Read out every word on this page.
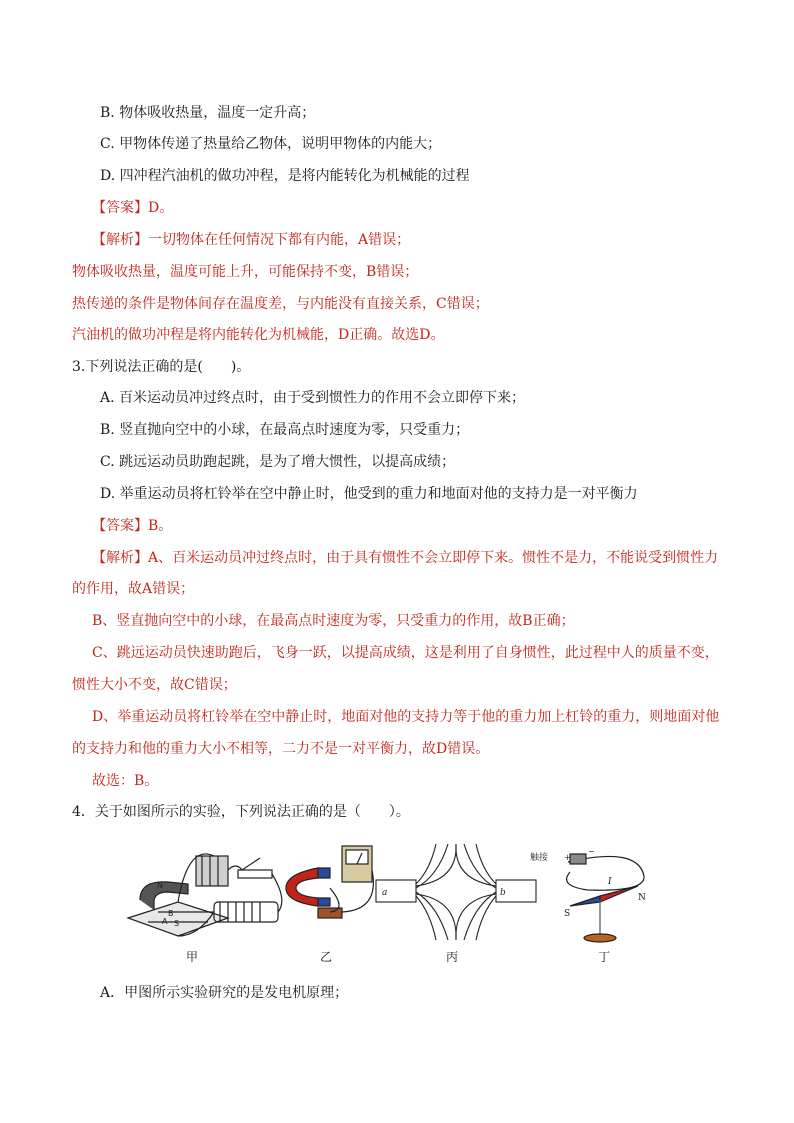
B. 物体吸收热量，温度一定升高；
C. 甲物体传递了热量给乙物体，说明甲物体的内能大；
D. 四冲程汽油机的做功冲程，是将内能转化为机械能的过程
【答案】D。
【解析】一切物体在任何情况下都有内能，A错误；
物体吸收热量，温度可能上升，可能保持不变，B错误；
热传递的条件是物体间存在温度差，与内能没有直接关系，C错误；
汽油机的做功冲程是将内能转化为机械能，D正确。故选D。
3.下列说法正确的是(　　)。
A. 百米运动员冲过终点时，由于受到惯性力的作用不会立即停下来；
B. 竖直抛向空中的小球，在最高点时速度为零，只受重力；
C. 跳远运动员助跑起跳，是为了增大惯性，以提高成绩；
D. 举重运动员将杠铃举在空中静止时，他受到的重力和地面对他的支持力是一对平衡力
【答案】B。
【解析】A、百米运动员冲过终点时，由于具有惯性不会立即停下来。惯性不是力，不能说受到惯性力
的作用，故A错误；
B、竖直抛向空中的小球，在最高点时速度为零，只受重力的作用，故B正确；
C、跳远运动员快速助跑后，飞身一跃，以提高成绩，这是利用了自身惯性，此过程中人的质量不变，
惯性大小不变，故C错误；
D、举重运动员将杠铃举在空中静止时，地面对他的支持力等于他的重力加上杠铃的重力，则地面对他
的支持力和他的重力大小不相等，二力不是一对平衡力，故D错误。
故选：B。
4．关于如图所示的实验，下列说法正确的是（　　）。
N
B
A S
a	b
触接 +
−
I
N
S
甲	乙	丙	丁
A．甲图所示实验研究的是发电机原理；
